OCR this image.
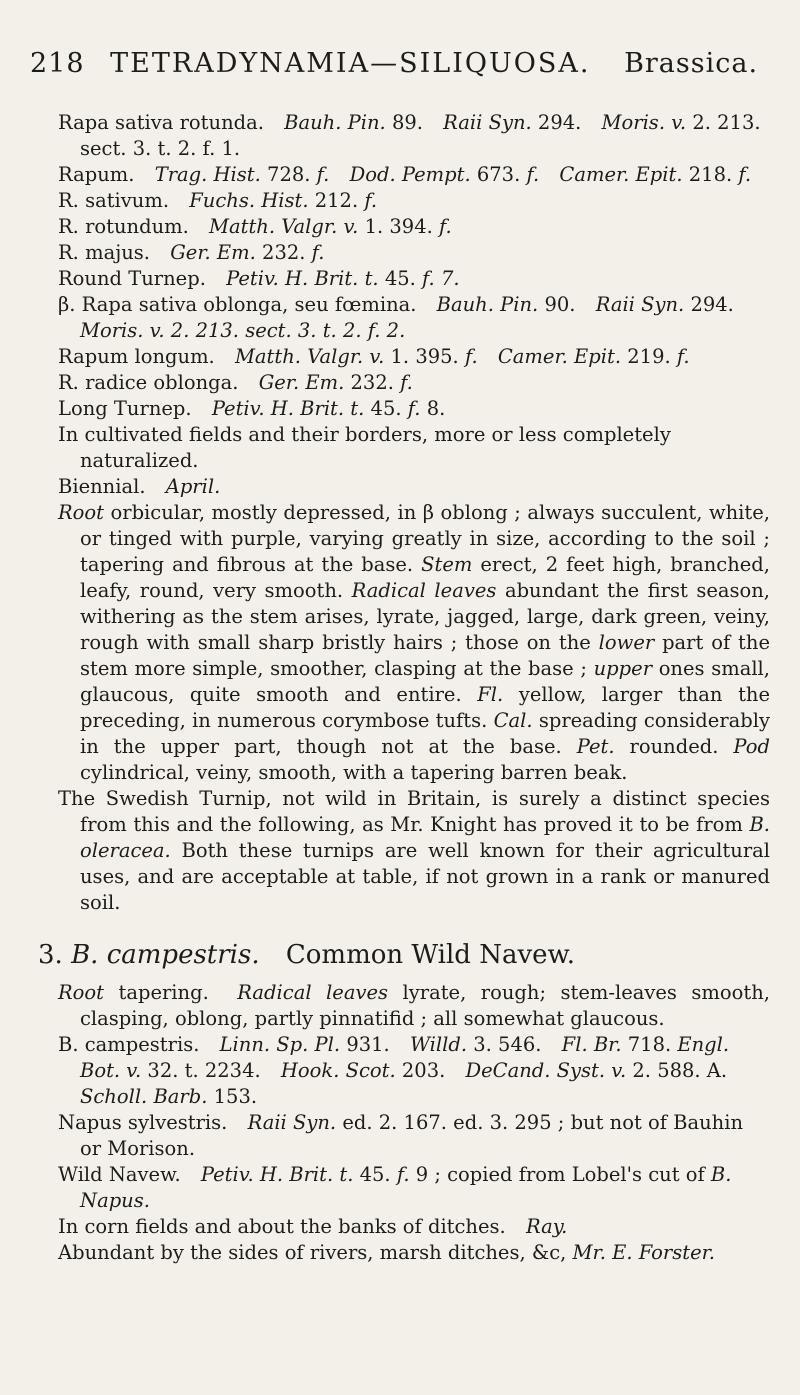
218 TETRADYNAMIA—SILIQUOSA. Brassica.

Rapa sativa rotunda. Bauh. Pin. 89. Raii Syn. 294. Moris. v. 2. 213. sect. 3. t. 2. f. 1.

Rapum. Trag. Hist. 728. f. Dod. Pempt. 673. f. Camer. Epit. 218. f.

R. sativum. Fuchs. Hist. 212. f.

R. rotundum. Matth. Valgr. v. 1. 394. f.

R. majus. Ger. Em. 232. f.

Round Turnep. Petiv. H. Brit. t. 45. f. 7.

β. Rapa sativa oblonga, seu fœmina. Bauh. Pin. 90. Raii Syn. 294. Moris. v. 2. 213. sect. 3. t. 2. f. 2.

Rapum longum. Matth. Valgr. v. 1. 395. f. Camer. Epit. 219. f.

R. radice oblonga. Ger. Em. 232. f.

Long Turnep. Petiv. H. Brit. t. 45. f. 8.

In cultivated fields and their borders, more or less completely naturalized.

Biennial. April.

Root orbicular, mostly depressed, in β oblong ; always succulent, white, or tinged with purple, varying greatly in size, according to the soil ; tapering and fibrous at the base. Stem erect, 2 feet high, branched, leafy, round, very smooth. Radical leaves abundant the first season, withering as the stem arises, lyrate, jagged, large, dark green, veiny, rough with small sharp bristly hairs ; those on the lower part of the stem more simple, smoother, clasping at the base ; upper ones small, glaucous, quite smooth and entire. Fl. yellow, larger than the preceding, in numerous corymbose tufts. Cal. spreading considerably in the upper part, though not at the base. Pet. rounded. Pod cylindrical, veiny, smooth, with a tapering barren beak.

The Swedish Turnip, not wild in Britain, is surely a distinct species from this and the following, as Mr. Knight has proved it to be from B. oleracea. Both these turnips are well known for their agricultural uses, and are acceptable at table, if not grown in a rank or manured soil.

3. B. campestris. Common Wild Navew.

Root tapering. Radical leaves lyrate, rough; stem-leaves smooth, clasping, oblong, partly pinnatifid ; all somewhat glaucous.

B. campestris. Linn. Sp. Pl. 931. Willd. 3. 546. Fl. Br. 718. Engl. Bot. v. 32. t. 2234. Hook. Scot. 203. DeCand. Syst. v. 2. 588. A. Scholl. Barb. 153.

Napus sylvestris. Raii Syn. ed. 2. 167. ed. 3. 295 ; but not of Bauhin or Morison.

Wild Navew. Petiv. H. Brit. t. 45. f. 9 ; copied from Lobel's cut of B. Napus.

In corn fields and about the banks of ditches. Ray.

Abundant by the sides of rivers, marsh ditches, &c, Mr. E. Forster.
